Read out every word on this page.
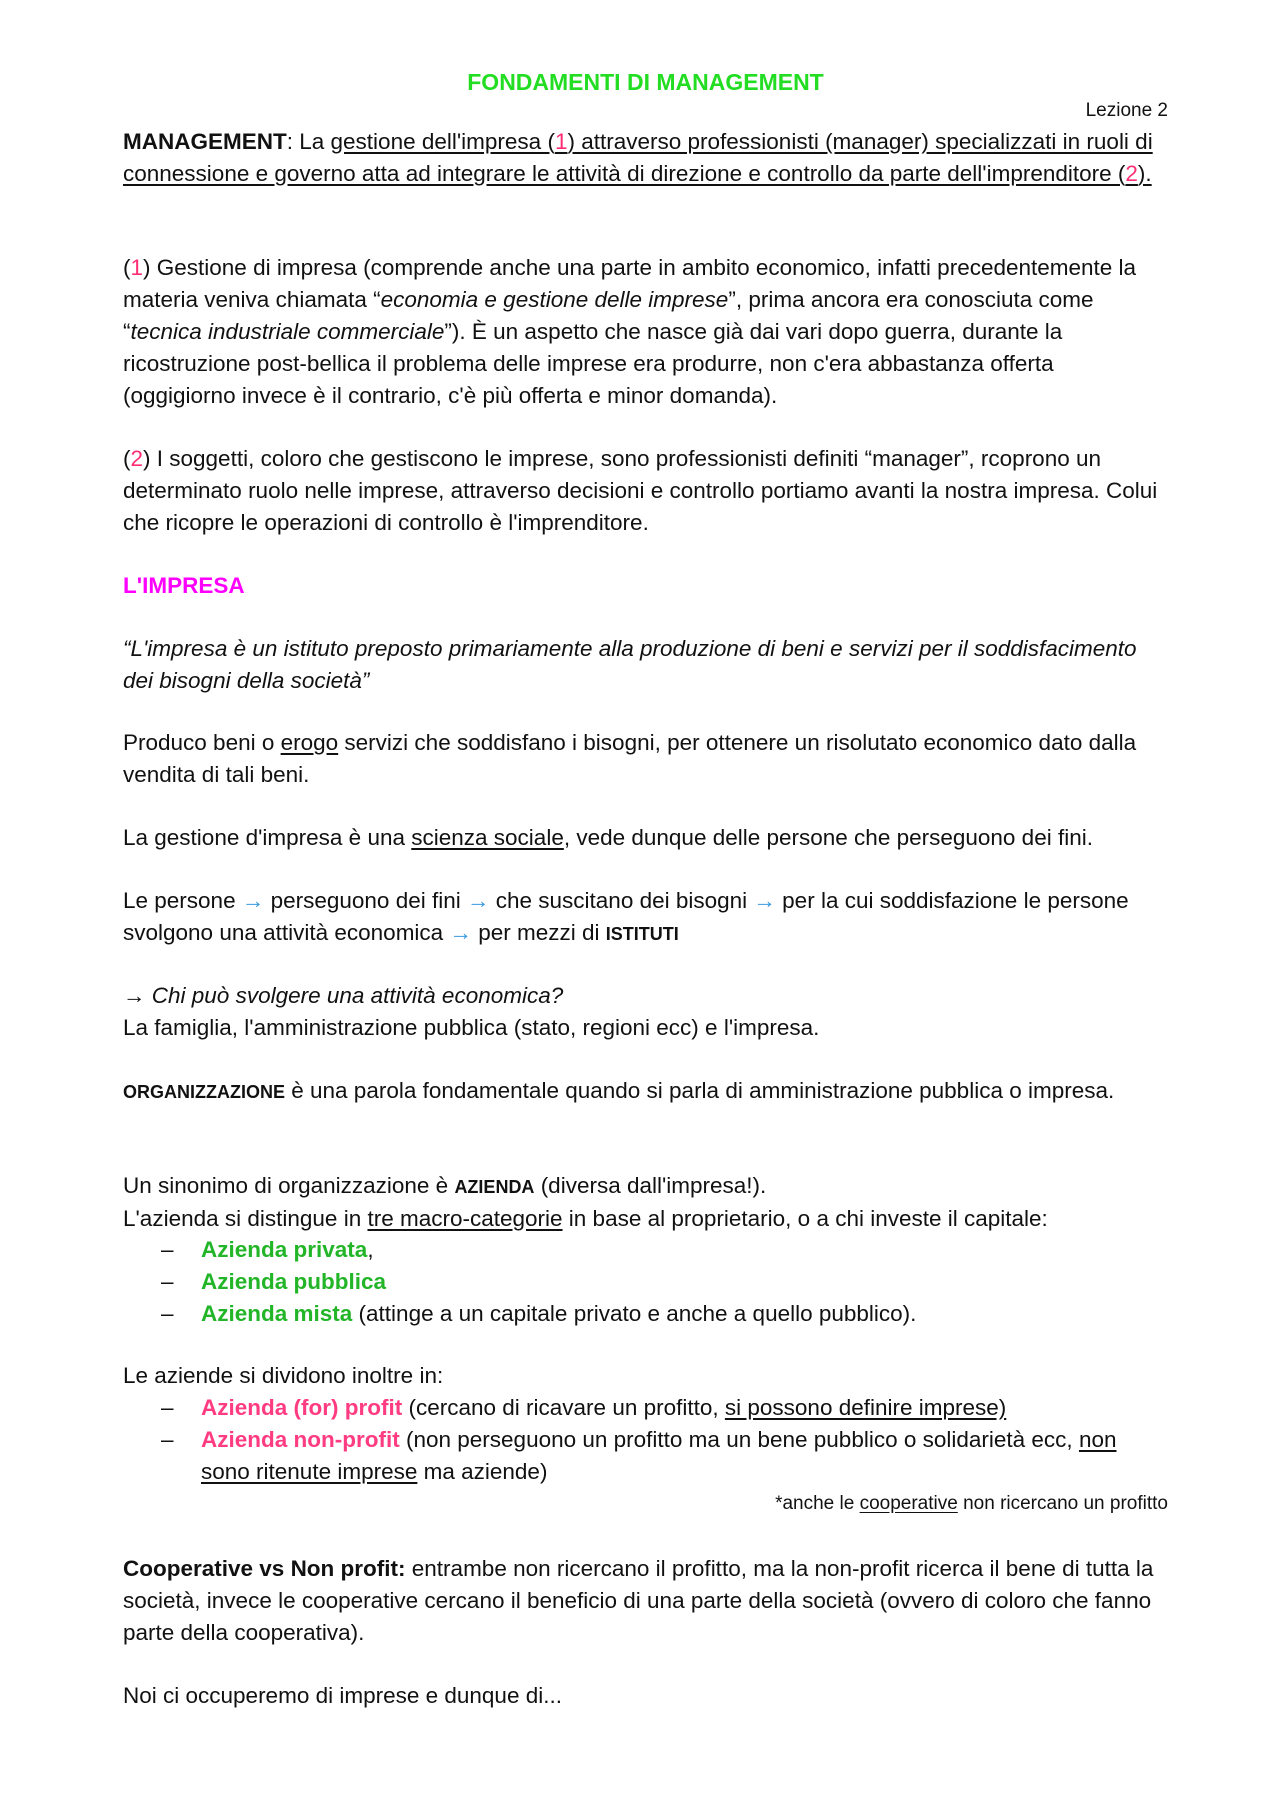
FONDAMENTI DI MANAGEMENT
Lezione 2
MANAGEMENT: La gestione dell'impresa (1) attraverso professionisti (manager) specializzati in ruoli di connessione e governo atta ad integrare le attività di direzione e controllo da parte dell'imprenditore (2).
(1) Gestione di impresa (comprende anche una parte in ambito economico, infatti precedentemente la materia veniva chiamata “economia e gestione delle imprese”, prima ancora era conosciuta come “tecnica industriale commerciale”). È un aspetto che nasce già dai vari dopo guerra, durante la ricostruzione post-bellica il problema delle imprese era produrre, non c'era abbastanza offerta (oggigiorno invece è il contrario, c'è più offerta e minor domanda).
(2) I soggetti, coloro che gestiscono le imprese, sono professionisti definiti “manager”, rcoprono un determinato ruolo nelle imprese, attraverso decisioni e controllo portiamo avanti la nostra impresa. Colui che ricopre le operazioni di controllo è l'imprenditore.
L'IMPRESA
“L'impresa è un istituto preposto primariamente alla produzione di beni e servizi per il soddisfacimento dei bisogni della società”
Produco beni o erogo servizi che soddisfano i bisogni, per ottenere un risolutato economico dato dalla vendita di tali beni.
La gestione d'impresa è una scienza sociale, vede dunque delle persone che perseguono dei fini.
Le persone → perseguono dei fini → che suscitano dei bisogni → per la cui soddisfazione le persone svolgono una attività economica → per mezzi di ISTITUTI
→ Chi può svolgere una attività economica?
La famiglia, l'amministrazione pubblica (stato, regioni ecc) e l'impresa.
ORGANIZZAZIONE è una parola fondamentale quando si parla di amministrazione pubblica o impresa.
Un sinonimo di organizzazione è AZIENDA (diversa dall'impresa!).
L'azienda si distingue in tre macro-categorie in base al proprietario, o a chi investe il capitale:
– Azienda privata,
– Azienda pubblica
– Azienda mista (attinge a un capitale privato e anche a quello pubblico).
Le aziende si dividono inoltre in:
– Azienda (for) profit (cercano di ricavare un profitto, si possono definire imprese)
– Azienda non-profit (non perseguono un profitto ma un bene pubblico o solidarietà ecc, non sono ritenute imprese ma aziende)
*anche le cooperative non ricercano un profitto
Cooperative vs Non profit: entrambe non ricercano il profitto, ma la non-profit ricerca il bene di tutta la società, invece le cooperative cercano il beneficio di una parte della società (ovvero di coloro che fanno parte della cooperativa).
Noi ci occuperemo di imprese e dunque di...
